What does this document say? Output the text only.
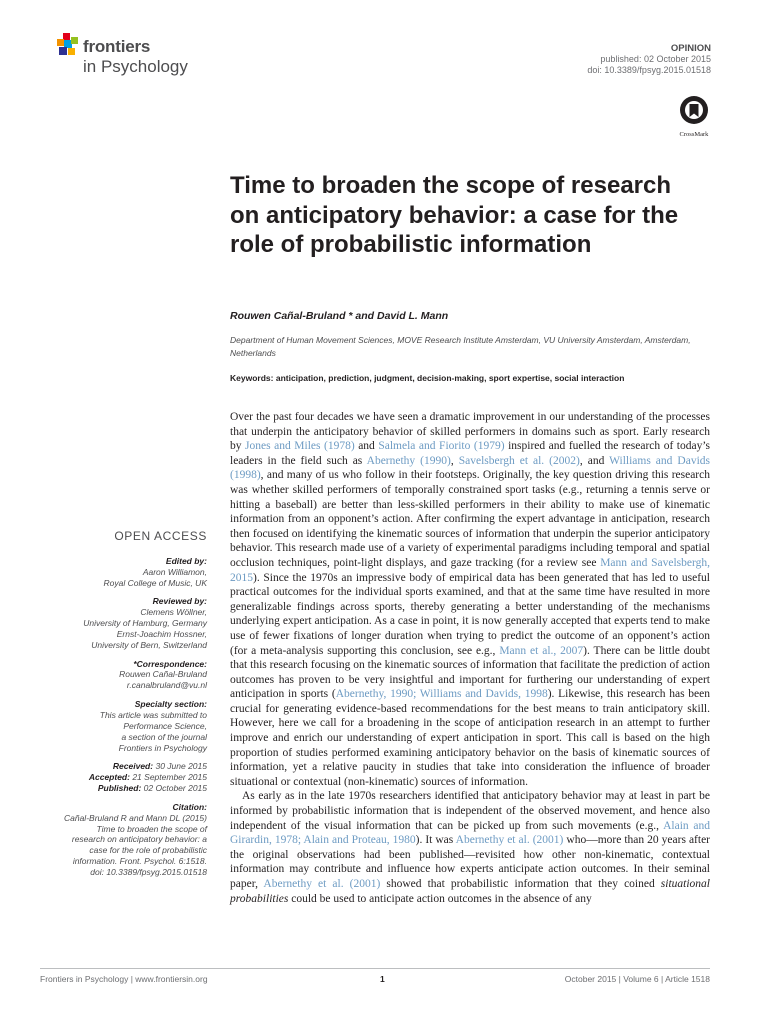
frontiers
in Psychology
OPINION
published: 02 October 2015
doi: 10.3389/fpsyg.2015.01518
CrossMark
Time to broaden the scope of research on anticipatory behavior: a case for the role of probabilistic information
Rouwen Cañal-Bruland * and David L. Mann
Department of Human Movement Sciences, MOVE Research Institute Amsterdam, VU University Amsterdam, Amsterdam, Netherlands
Keywords: anticipation, prediction, judgment, decision-making, sport expertise, social interaction
OPEN ACCESS
Edited by:
Aaron Williamon,
Royal College of Music, UK
Reviewed by:
Clemens Wöllner,
University of Hamburg, Germany
Ernst-Joachim Hossner,
University of Bern, Switzerland
*Correspondence:
Rouwen Cañal-Bruland
r.canalbruland@vu.nl
Specialty section:
This article was submitted to
Performance Science,
a section of the journal
Frontiers in Psychology
Received: 30 June 2015
Accepted: 21 September 2015
Published: 02 October 2015
Citation:
Cañal-Bruland R and Mann DL (2015)
Time to broaden the scope of
research on anticipatory behavior: a
case for the role of probabilistic
information. Front. Psychol. 6:1518.
doi: 10.3389/fpsyg.2015.01518

Over the past four decades we have seen a dramatic improvement in our understanding of the processes that underpin the anticipatory behavior of skilled performers in domains such as sport. Early research by Jones and Miles (1978) and Salmela and Fiorito (1979) inspired and fuelled the research of today’s leaders in the field such as Abernethy (1990), Savelsbergh et al. (2002), and Williams and Davids (1998), and many of us who follow in their footsteps. Originally, the key question driving this research was whether skilled performers of temporally constrained sport tasks (e.g., returning a tennis serve or hitting a baseball) are better than less-skilled performers in their ability to make use of kinematic information from an opponent’s action. After confirming the expert advantage in anticipation, research then focused on identifying the kinematic sources of information that underpin the superior anticipatory behavior. This research made use of a variety of experimental paradigms including temporal and spatial occlusion techniques, point-light displays, and gaze tracking (for a review see Mann and Savelsbergh, 2015). Since the 1970s an impressive body of empirical data has been generated that has led to useful practical outcomes for the individual sports examined, and that at the same time have resulted in more generalizable findings across sports, thereby generating a better understanding of the mechanisms underlying expert anticipation. As a case in point, it is now generally accepted that experts tend to make use of fewer fixations of longer duration when trying to predict the outcome of an opponent’s action (for a meta-analysis supporting this conclusion, see e.g., Mann et al., 2007). There can be little doubt that this research focusing on the kinematic sources of information that facilitate the prediction of action outcomes has proven to be very insightful and important for furthering our understanding of expert anticipation in sports (Abernethy, 1990; Williams and Davids, 1998). Likewise, this research has been crucial for generating evidence-based recommendations for the best means to train anticipatory skill. However, here we call for a broadening in the scope of anticipation research in an attempt to further improve and enrich our understanding of expert anticipation in sport. This call is based on the high proportion of studies performed examining anticipatory behavior on the basis of kinematic sources of information, yet a relative paucity in studies that take into consideration the influence of broader situational or contextual (non-kinematic) sources of information.

As early as in the late 1970s researchers identified that anticipatory behavior may at least in part be informed by probabilistic information that is independent of the observed movement, and hence also independent of the visual information that can be picked up from such movements (e.g., Alain and Girardin, 1978; Alain and Proteau, 1980). It was Abernethy et al. (2001) who—more than 20 years after the original observations had been published—revisited how other non-kinematic, contextual information may contribute and influence how experts anticipate action outcomes. In their seminal paper, Abernethy et al. (2001) showed that probabilistic information that they coined situational probabilities could be used to anticipate action outcomes in the absence of any

Frontiers in Psychology | www.frontiersin.org	1	October 2015 | Volume 6 | Article 1518
